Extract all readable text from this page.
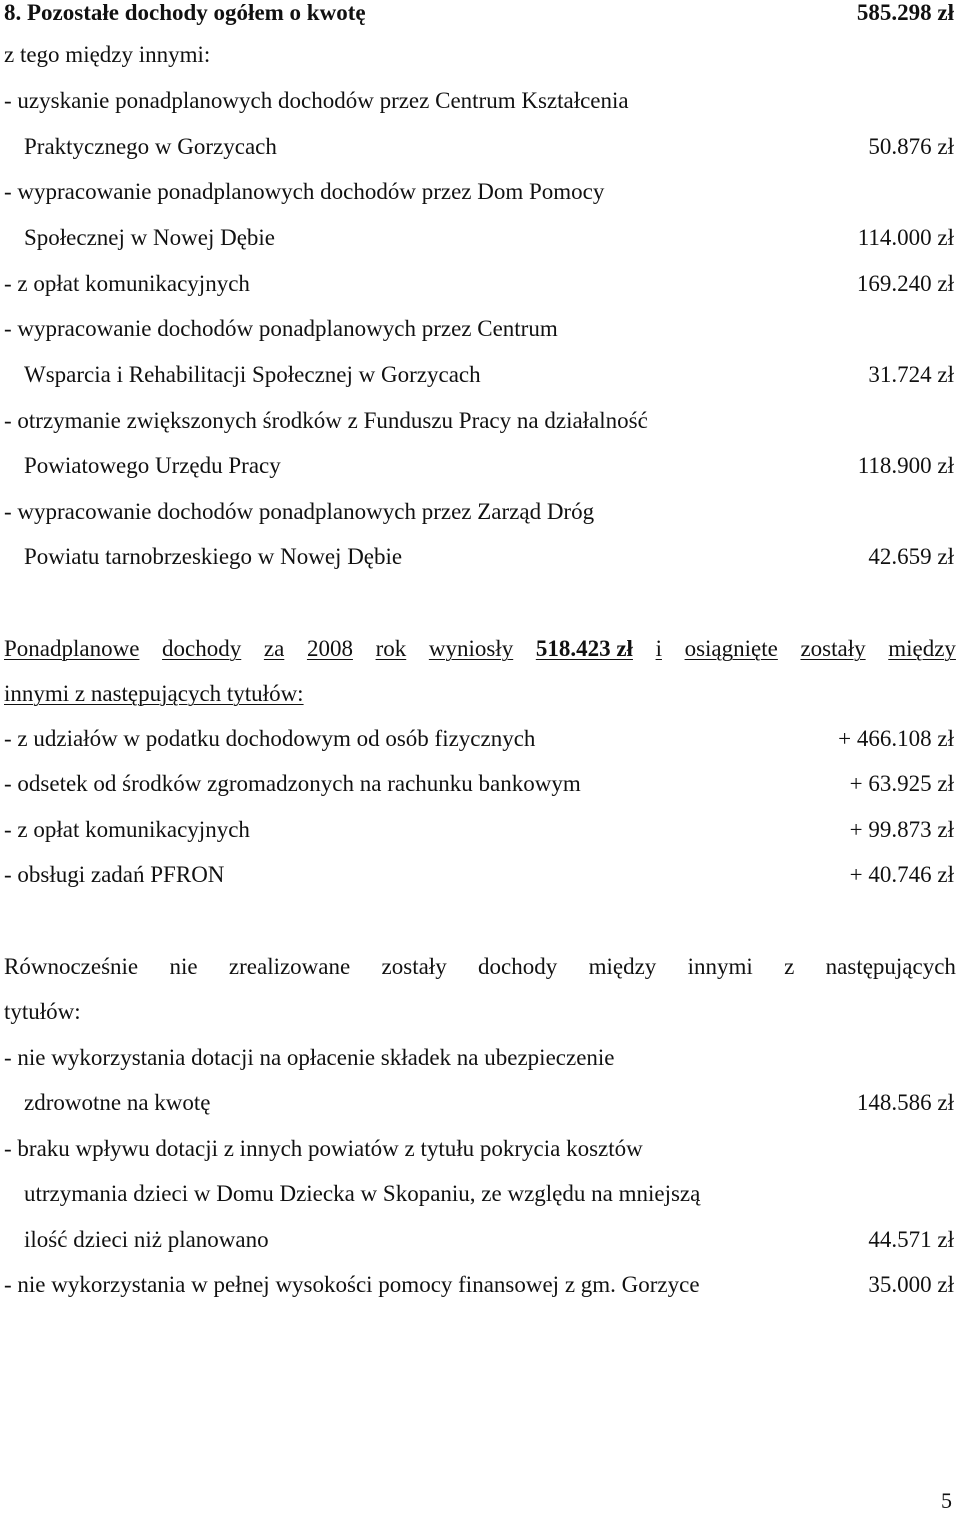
8. Pozostałe dochody ogółem o kwotę	585.298 zł
z tego między innymi:
- uzyskanie ponadplanowych dochodów przez Centrum Kształcenia
Praktycznego w Gorzycach	50.876 zł
- wypracowanie ponadplanowych dochodów przez Dom Pomocy
Społecznej w Nowej Dębie	114.000 zł
- z opłat komunikacyjnych	169.240 zł
- wypracowanie dochodów ponadplanowych przez Centrum
Wsparcia i Rehabilitacji Społecznej w Gorzycach	31.724 zł
- otrzymanie zwiększonych środków z Funduszu Pracy na działalność
Powiatowego Urzędu Pracy	118.900 zł
- wypracowanie dochodów ponadplanowych przez Zarząd Dróg
Powiatu tarnobrzeskiego w Nowej Dębie	42.659 zł
Ponadplanowe dochody za 2008 rok wyniosły 518.423 zł i osiągnięte zostały między
innymi z następujących tytułów:
- z udziałów w podatku dochodowym od osób fizycznych	+ 466.108 zł
- odsetek od środków zgromadzonych na rachunku bankowym	+ 63.925 zł
- z opłat komunikacyjnych	+ 99.873 zł
- obsługi zadań PFRON	+ 40.746 zł
Równocześnie nie zrealizowane zostały dochody między innymi z następujących
tytułów:
- nie wykorzystania dotacji na opłacenie składek na ubezpieczenie
zdrowotne na kwotę	148.586 zł
- braku wpływu dotacji z innych powiatów z tytułu pokrycia kosztów
utrzymania dzieci w Domu Dziecka w Skopaniu, ze względu na mniejszą
ilość dzieci niż planowano	44.571 zł
- nie wykorzystania w pełnej wysokości pomocy finansowej z gm. Gorzyce	35.000 zł
5
